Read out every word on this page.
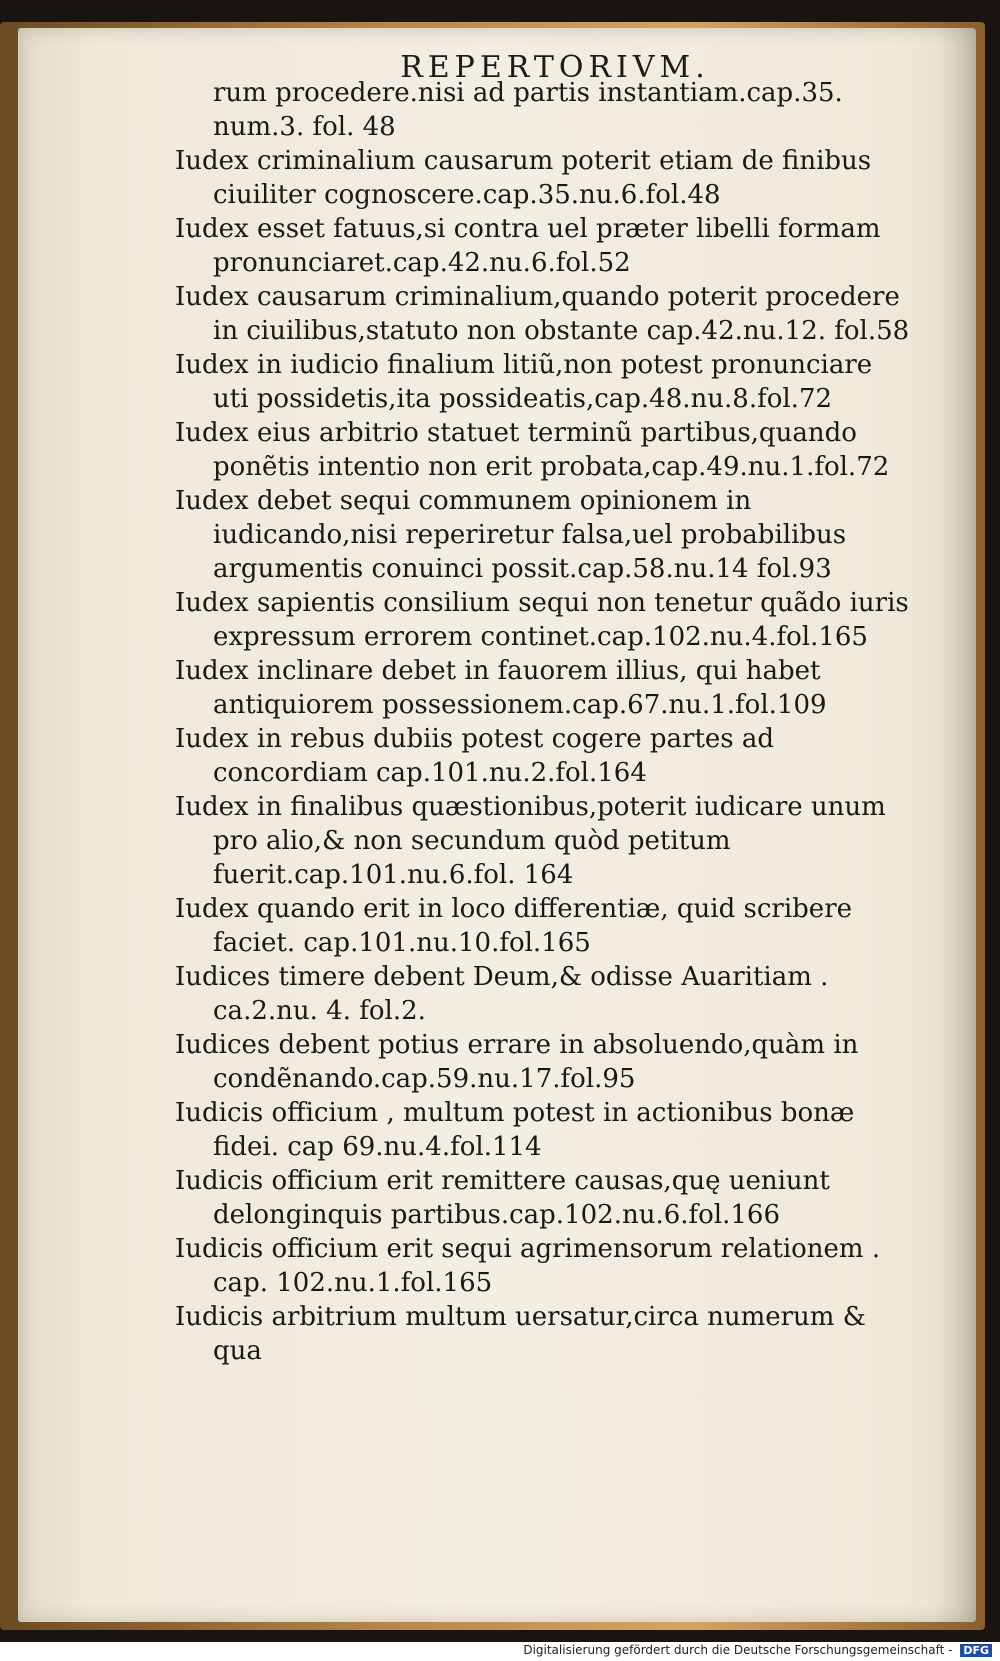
REPERTORIVM.

rum procedere.nisi ad partis instantiam.cap.35. num.3. fol. 48

Iudex criminalium causarum poterit etiam de finibus ciuiliter cognoscere.cap.35.nu.6.fol.48

Iudex esset fatuus,si contra uel præter libelli formam pronunciaret.cap.42.nu.6.fol.52

Iudex causarum criminalium,quando poterit procedere in ciuilibus,statuto non obstante cap.42.nu.12. fol.58

Iudex in iudicio finalium litiũ,non potest pronunciare uti possidetis,ita possideatis,cap.48.nu.8.fol.72

Iudex eius arbitrio statuet terminũ partibus,quando ponẽtis intentio non erit probata,cap.49.nu.1.fol.72

Iudex debet sequi communem opinionem in iudicando,nisi reperiretur falsa,uel probabilibus argumentis conuinci possit.cap.58.nu.14 fol.93

Iudex sapientis consilium sequi non tenetur quãdo iuris expressum errorem continet.cap.102.nu.4.fol.165

Iudex inclinare debet in fauorem illius, qui habet antiquiorem possessionem.cap.67.nu.1.fol.109

Iudex in rebus dubiis potest cogere partes ad concordiam cap.101.nu.2.fol.164

Iudex in finalibus quæstionibus,poterit iudicare unum pro alio,& non secundum quòd petitum fuerit.cap.101.nu.6.fol. 164

Iudex quando erit in loco differentiæ, quid scribere faciet. cap.101.nu.10.fol.165

Iudices timere debent Deum,& odisse Auaritiam . ca.2.nu. 4. fol.2.

Iudices debent potius errare in absoluendo,quàm in condẽnando.cap.59.nu.17.fol.95

Iudicis officium , multum potest in actionibus bonæ fidei. cap 69.nu.4.fol.114

Iudicis officium erit remittere causas,quę ueniunt delonginquis partibus.cap.102.nu.6.fol.166

Iudicis officium erit sequi agrimensorum relationem . cap. 102.nu.1.fol.165

Iudicis arbitrium multum uersatur,circa numerum & qua

Digitalisierung gefördert durch die Deutsche Forschungsgemeinschaft - DFG
